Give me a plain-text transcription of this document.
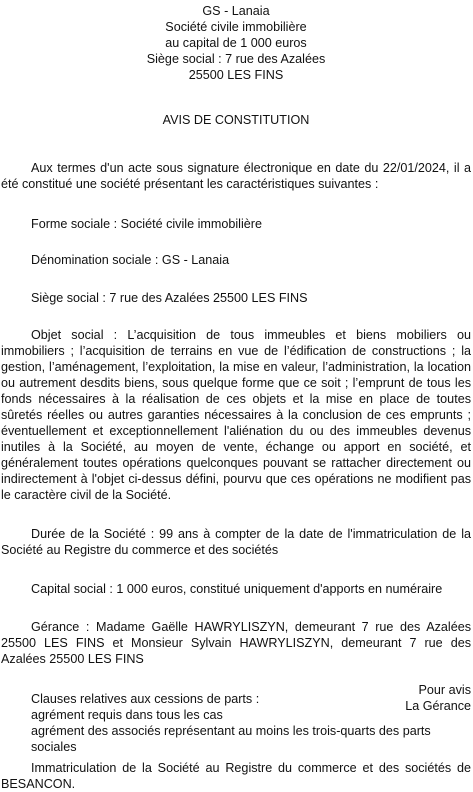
GS - Lanaia
Société civile immobilière
au capital de 1 000 euros
Siège social : 7 rue des Azalées
25500 LES FINS
AVIS DE CONSTITUTION

Aux termes d'un acte sous signature électronique en date du 22/01/2024, il a été constitué une société présentant les caractéristiques suivantes :

Forme sociale : Société civile immobilière

Dénomination sociale : GS - Lanaia

Siège social : 7 rue des Azalées 25500 LES FINS

Objet social : L’acquisition de tous immeubles et biens mobiliers ou immobiliers ; l’acquisition de terrains en vue de l’édification de constructions ; la gestion, l’aménagement, l’exploitation, la mise en valeur, l’administration, la location ou autrement desdits biens, sous quelque forme que ce soit ; l’emprunt de tous les fonds nécessaires à la réalisation de ces objets et la mise en place de toutes sûretés réelles ou autres garanties nécessaires à la conclusion de ces emprunts ; éventuellement et exceptionnellement l'aliénation du ou des immeubles devenus inutiles à la Société, au moyen de vente, échange ou apport en société, et généralement toutes opérations quelconques pouvant se rattacher directement ou indirectement à l'objet ci-dessus défini, pourvu que ces opérations ne modifient pas le caractère civil de la Société.

Durée de la Société : 99 ans à compter de la date de l'immatriculation de la Société au Registre du commerce et des sociétés

Capital social : 1 000 euros, constitué uniquement d'apports en numéraire

Gérance : Madame Gaëlle HAWRYLISZYN, demeurant 7 rue des Azalées 25500 LES FINS et Monsieur Sylvain HAWRYLISZYN, demeurant 7 rue des Azalées 25500 LES FINS

Clauses relatives aux cessions de parts :
agrément requis dans tous les cas
agrément des associés représentant au moins les trois-quarts des parts sociales

Immatriculation de la Société au Registre du commerce et des sociétés de BESANCON.

Pour avis
La Gérance
